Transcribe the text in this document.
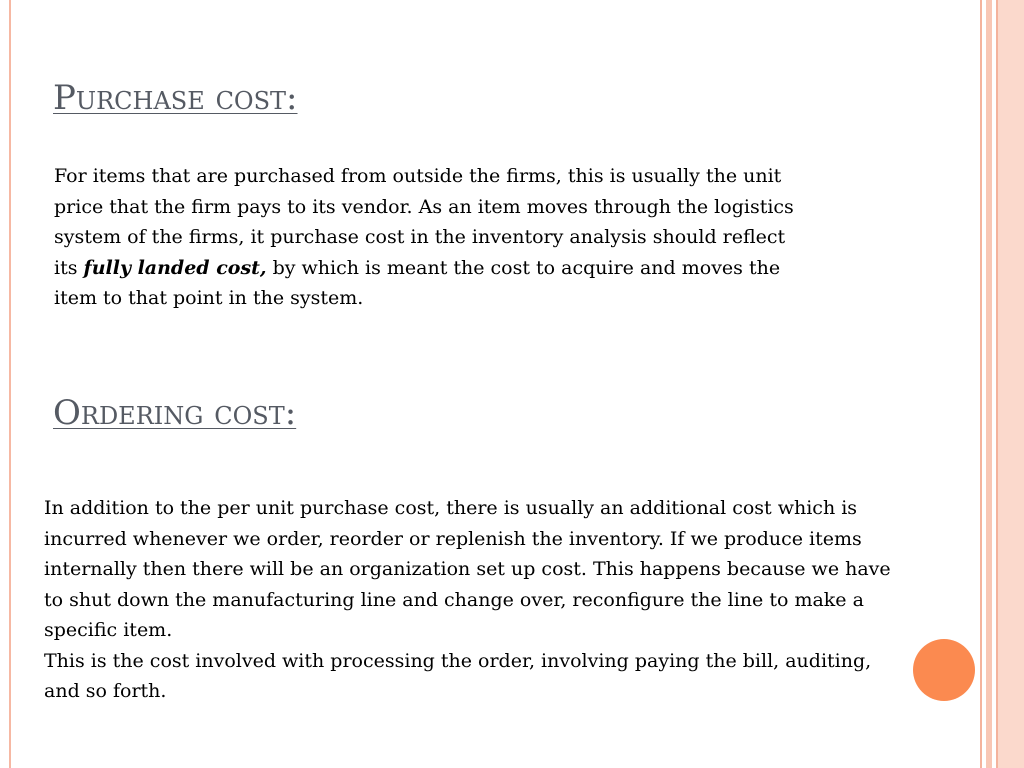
Purchase cost:

For items that are purchased from outside the firms, this is usually the unit price that the firm pays to its vendor. As an item moves through the logistics system of the firms, it purchase cost in the inventory analysis should reflect its fully landed cost, by which is meant the cost to acquire and moves the item to that point in the system.

Ordering cost:
In addition to the per unit purchase cost, there is usually an additional cost which is incurred whenever we order, reorder or replenish the inventory. If we produce items internally then there will be an organization set up cost. This happens because we have to shut down the manufacturing line and change over, reconfigure the line to make a specific item.
This is the cost involved with processing the order, involving paying the bill, auditing, and so forth.
